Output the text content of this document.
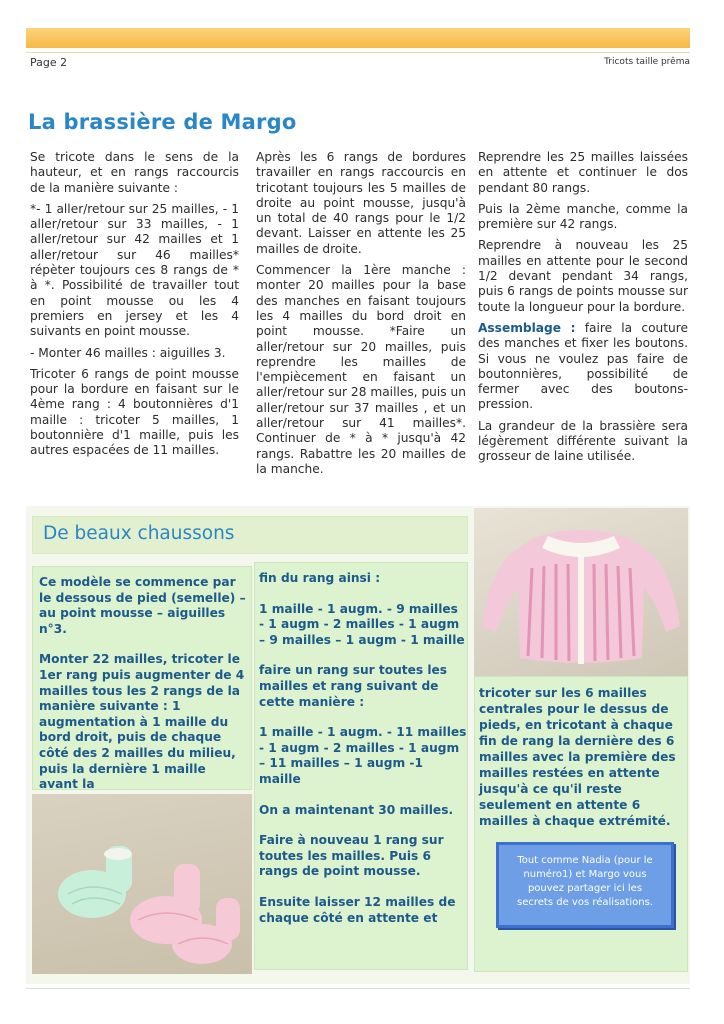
Page 2	Tricots taille prêma
La brassière de Margo

Se tricote dans le sens de la hauteur, et en rangs raccourcis de la manière suivante :

*- 1 aller/retour sur 25 mailles, - 1 aller/retour sur 33 mailles, - 1 aller/retour sur 42 mailles et 1 aller/retour sur 46 mailles* répèter toujours ces 8 rangs de * à *. Possibilité de travailler tout en point mousse ou les 4 premiers en jersey et les 4 suivants en point mousse.

- Monter 46 mailles : aiguilles 3.

Tricoter 6 rangs de point mousse pour la bordure en faisant sur le 4ème rang : 4 boutonnières d'1 maille : tricoter 5 mailles, 1 boutonnière d'1 maille, puis les autres espacées de 11 mailles.

Après les 6 rangs de bordures travailler en rangs raccourcis en tricotant toujours les 5 mailles de droite au point mousse, jusqu'à un total de 40 rangs pour le 1/2 devant. Laisser en attente les 25 mailles de droite.

Commencer la 1ère manche : monter 20 mailles pour la base des manches en faisant toujours les 4 mailles du bord droit en point mousse. *Faire un aller/retour sur 20 mailles, puis reprendre les mailles de l'empiècement en faisant un aller/retour sur 28 mailles, puis un aller/retour sur 37 mailles , et un aller/retour sur 41 mailles*. Continuer de * à * jusqu'à 42 rangs. Rabattre les 20 mailles de la manche.

Reprendre les 25 mailles laissées en attente et continuer le dos pendant 80 rangs.

Puis la 2ème manche, comme la première sur 42 rangs.

Reprendre à nouveau les 25 mailles en attente pour le second 1/2 devant pendant 34 rangs, puis 6 rangs de points mousse sur toute la longueur pour la bordure.

Assemblage : faire la couture des manches et fixer les boutons. Si vous ne voulez pas faire de boutonnières, possibilité de fermer avec des boutons-pression.

La grandeur de la brassière sera légèrement différente suivant la grosseur de laine utilisée.

De beaux chaussons

Ce modèle se commence par le dessous de pied (semelle) – au point mousse – aiguilles n°3.

Monter 22 mailles, tricoter le 1er rang puis augmenter de 4 mailles tous les 2 rangs de la manière suivante : 1 augmentation à 1 maille du bord droit, puis de chaque côté des 2 mailles du milieu, puis la dernière 1 maille avant la

fin du rang ainsi :

1 maille - 1 augm. - 9 mailles - 1 augm - 2 mailles - 1 augm – 9 mailles – 1 augm - 1 maille

faire un rang sur toutes les mailles et rang suivant de cette manière :

1 maille - 1 augm. - 11 mailles - 1 augm - 2 mailles - 1 augm – 11 mailles – 1 augm -1 maille

On a maintenant 30 mailles.

Faire à nouveau 1 rang sur toutes les mailles. Puis 6 rangs de point mousse.

Ensuite laisser 12 mailles de chaque côté en attente et

tricoter sur les 6 mailles centrales pour le dessus de pieds, en tricotant à chaque fin de rang la dernière des 6 mailles avec la première des mailles restées en attente jusqu'à ce qu'il reste seulement en attente 6 mailles à chaque extrémité.

Tout comme Nadia (pour le numéro1) et Margo vous pouvez partager ici les secrets de vos réalisations.
